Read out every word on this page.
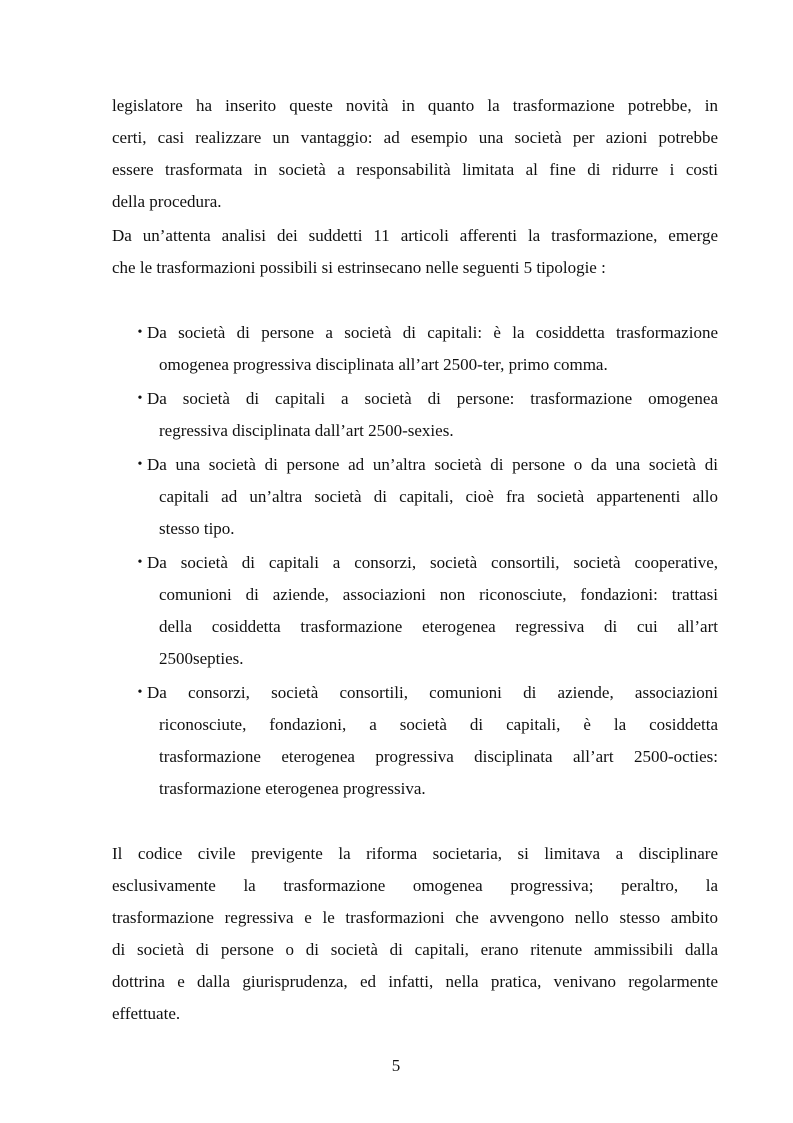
legislatore ha inserito queste novità in quanto la trasformazione potrebbe, in
certi, casi realizzare un vantaggio: ad esempio una società per azioni potrebbe
essere trasformata in società a responsabilità limitata al fine di ridurre i costi
della procedura.
Da un’attenta analisi dei suddetti 11 articoli afferenti la trasformazione, emerge
che le trasformazioni possibili si estrinsecano nelle seguenti 5 tipologie :
• Da società di persone a società di capitali: è la cosiddetta trasformazione
omogenea progressiva disciplinata all’art 2500-ter, primo comma.
• Da società di capitali a società di persone: trasformazione omogenea
regressiva disciplinata dall’art 2500-sexies.
• Da una società di persone ad un’altra società di persone o da una società di
capitali ad un’altra società di capitali, cioè fra società appartenenti allo
stesso tipo.
• Da società di capitali a consorzi, società consortili, società cooperative,
comunioni di aziende, associazioni non riconosciute, fondazioni: trattasi
della cosiddetta trasformazione eterogenea regressiva di cui all’art
2500septies.
• Da consorzi, società consortili, comunioni di aziende, associazioni
riconosciute, fondazioni, a società di capitali, è la cosiddetta
trasformazione eterogenea progressiva disciplinata all’art 2500-octies:
trasformazione eterogenea progressiva.
Il codice civile previgente la riforma societaria, si limitava a disciplinare
esclusivamente la trasformazione omogenea progressiva; peraltro, la
trasformazione regressiva e le trasformazioni che avvengono nello stesso ambito
di società di persone o di società di capitali, erano ritenute ammissibili dalla
dottrina e dalla giurisprudenza, ed infatti, nella pratica, venivano regolarmente
effettuate.
5
